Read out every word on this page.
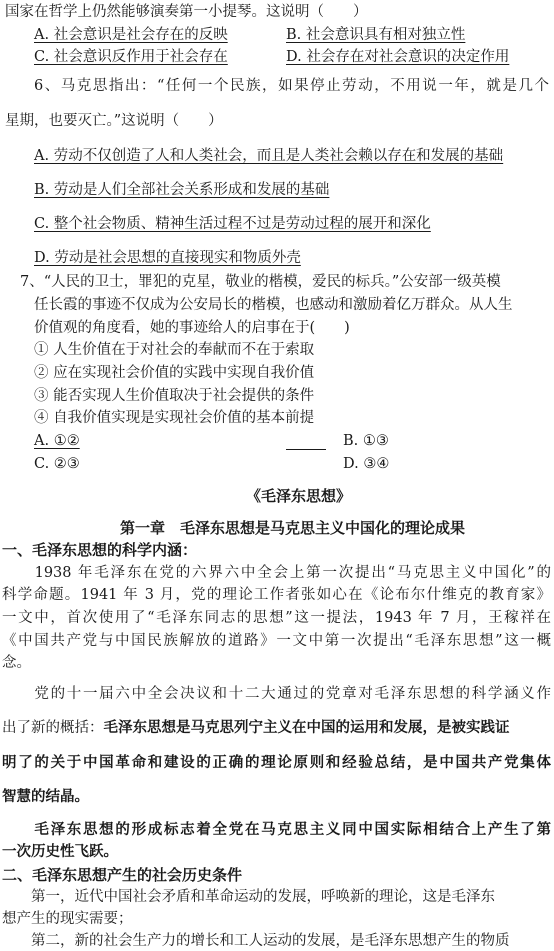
国家在哲学上仍然能够演奏第一小提琴。这说明（　　）
A. 社会意识是社会存在的反映	B. 社会意识具有相对独立性
C. 社会意识反作用于社会存在	D. 社会存在对社会意识的决定作用
6、马克思指出：“任何一个民族，如果停止劳动，不用说一年，就是几个
星期，也要灭亡。”这说明（　　）
A. 劳动不仅创造了人和人类社会，而且是人类社会赖以存在和发展的基础
B. 劳动是人们全部社会关系形成和发展的基础
C. 整个社会物质、精神生活过程不过是劳动过程的展开和深化
D. 劳动是社会思想的直接现实和物质外壳
7、“人民的卫士，罪犯的克星，敬业的楷模，爱民的标兵。”公安部一级英模
任长霞的事迹不仅成为公安局长的楷模，也感动和激励着亿万群众。从人生
价值观的角度看，她的事迹给人的启事在于(　　)
① 人生价值在于对社会的奉献而不在于索取
② 应在实现社会价值的实践中实现自我价值
③ 能否实现人生价值取决于社会提供的条件
④ 自我价值实现是实现社会价值的基本前提
A. ①②	B. ①③
C. ②③	D. ③④
《毛泽东思想》
第一章　毛泽东思想是马克思主义中国化的理论成果
一、毛泽东思想的科学内涵：
　　1938 年毛泽东在党的六界六中全会上第一次提出“马克思主义中国化”的
科学命题。1941 年 3 月，党的理论工作者张如心在《论布尔什维克的教育家》
一文中，首次使用了“毛泽东同志的思想”这一提法，1943 年 7 月，王稼祥在
《中国共产党与中国民族解放的道路》一文中第一次提出“毛泽东思想”这一概
念。
　　党的十一届六中全会决议和十二大通过的党章对毛泽东思想的科学涵义作
出了新的概括：毛泽东思想是马克思列宁主义在中国的运用和发展，是被实践证
明了的关于中国革命和建设的正确的理论原则和经验总结，是中国共产党集体
智慧的结晶。
　　毛泽东思想的形成标志着全党在马克思主义同中国实际相结合上产生了第
一次历史性飞跃。
二、毛泽东思想产生的社会历史条件
　　第一，近代中国社会矛盾和革命运动的发展，呼唤新的理论，这是毛泽东
想产生的现实需要；
　　第二，新的社会生产力的增长和工人运动的发展，是毛泽东思想产生的物质
